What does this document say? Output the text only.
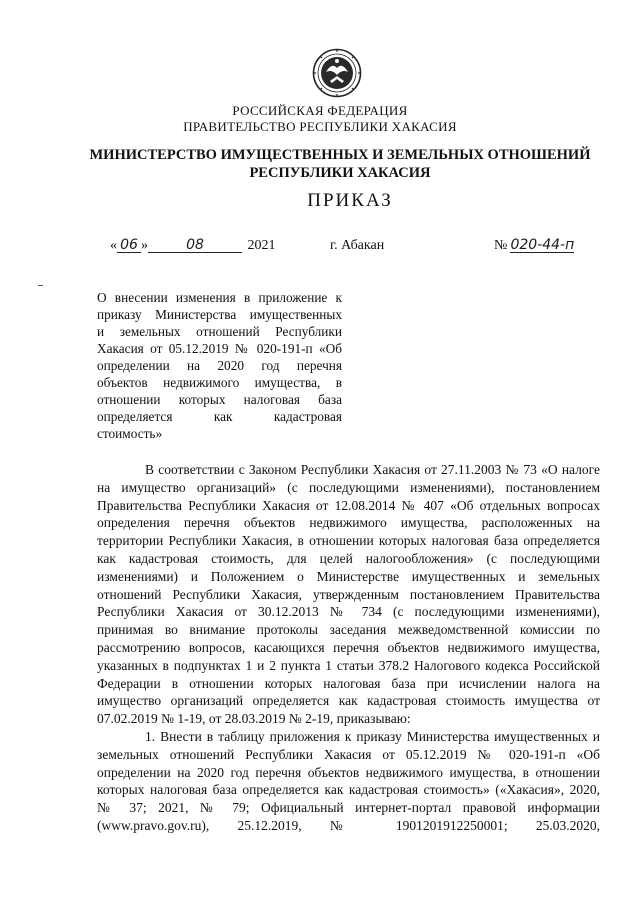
РОССИЙСКАЯ ФЕДЕРАЦИЯ
ПРАВИТЕЛЬСТВО РЕСПУБЛИКИ ХАКАСИЯ
МИНИСТЕРСТВО ИМУЩЕСТВЕННЫХ И ЗЕМЕЛЬНЫХ ОТНОШЕНИЙ
РЕСПУБЛИКИ ХАКАСИЯ
ПРИКАЗ
« 06 »	08	2021	г. Абакан	№ 020-44-п
О внесении изменения в приложение к
приказу Министерства имущественных
и земельных отношений Республики
Хакасия от 05.12.2019 № 020-191-п «Об
определении на 2020 год перечня
объектов недвижимого имущества, в
отношении которых налоговая база
определяется как кадастровая
стоимость»
В соответствии с Законом Республики Хакасия от 27.11.2003 № 73 «О налоге
на имущество организаций» (с последующими изменениями), постановлением
Правительства Республики Хакасия от 12.08.2014 № 407 «Об отдельных вопросах
определения перечня объектов недвижимого имущества, расположенных на
территории Республики Хакасия, в отношении которых налоговая база определяется
как кадастровая стоимость, для целей налогообложения» (с последующими
изменениями) и Положением о Министерстве имущественных и земельных
отношений Республики Хакасия, утвержденным постановлением Правительства
Республики Хакасия от 30.12.2013 № 734 (с последующими изменениями),
принимая во внимание протоколы заседания межведомственной комиссии по
рассмотрению вопросов, касающихся перечня объектов недвижимого имущества,
указанных в подпунктах 1 и 2 пункта 1 статьи 378.2 Налогового кодекса Российской
Федерации в отношении которых налоговая база при исчислении налога на
имущество организаций определяется как кадастровая стоимость имущества от
07.02.2019 № 1-19, от 28.03.2019 № 2-19, приказываю:
1. Внести в таблицу приложения к приказу Министерства имущественных и
земельных отношений Республики Хакасия от 05.12.2019 № 020-191-п «Об
определении на 2020 год перечня объектов недвижимого имущества, в отношении
которых налоговая база определяется как кадастровая стоимость» («Хакасия», 2020,
№ 37; 2021, № 79; Официальный интернет-портал правовой информации
(www.pravo.gov.ru), 25.12.2019, № 1901201912250001; 25.03.2020,
